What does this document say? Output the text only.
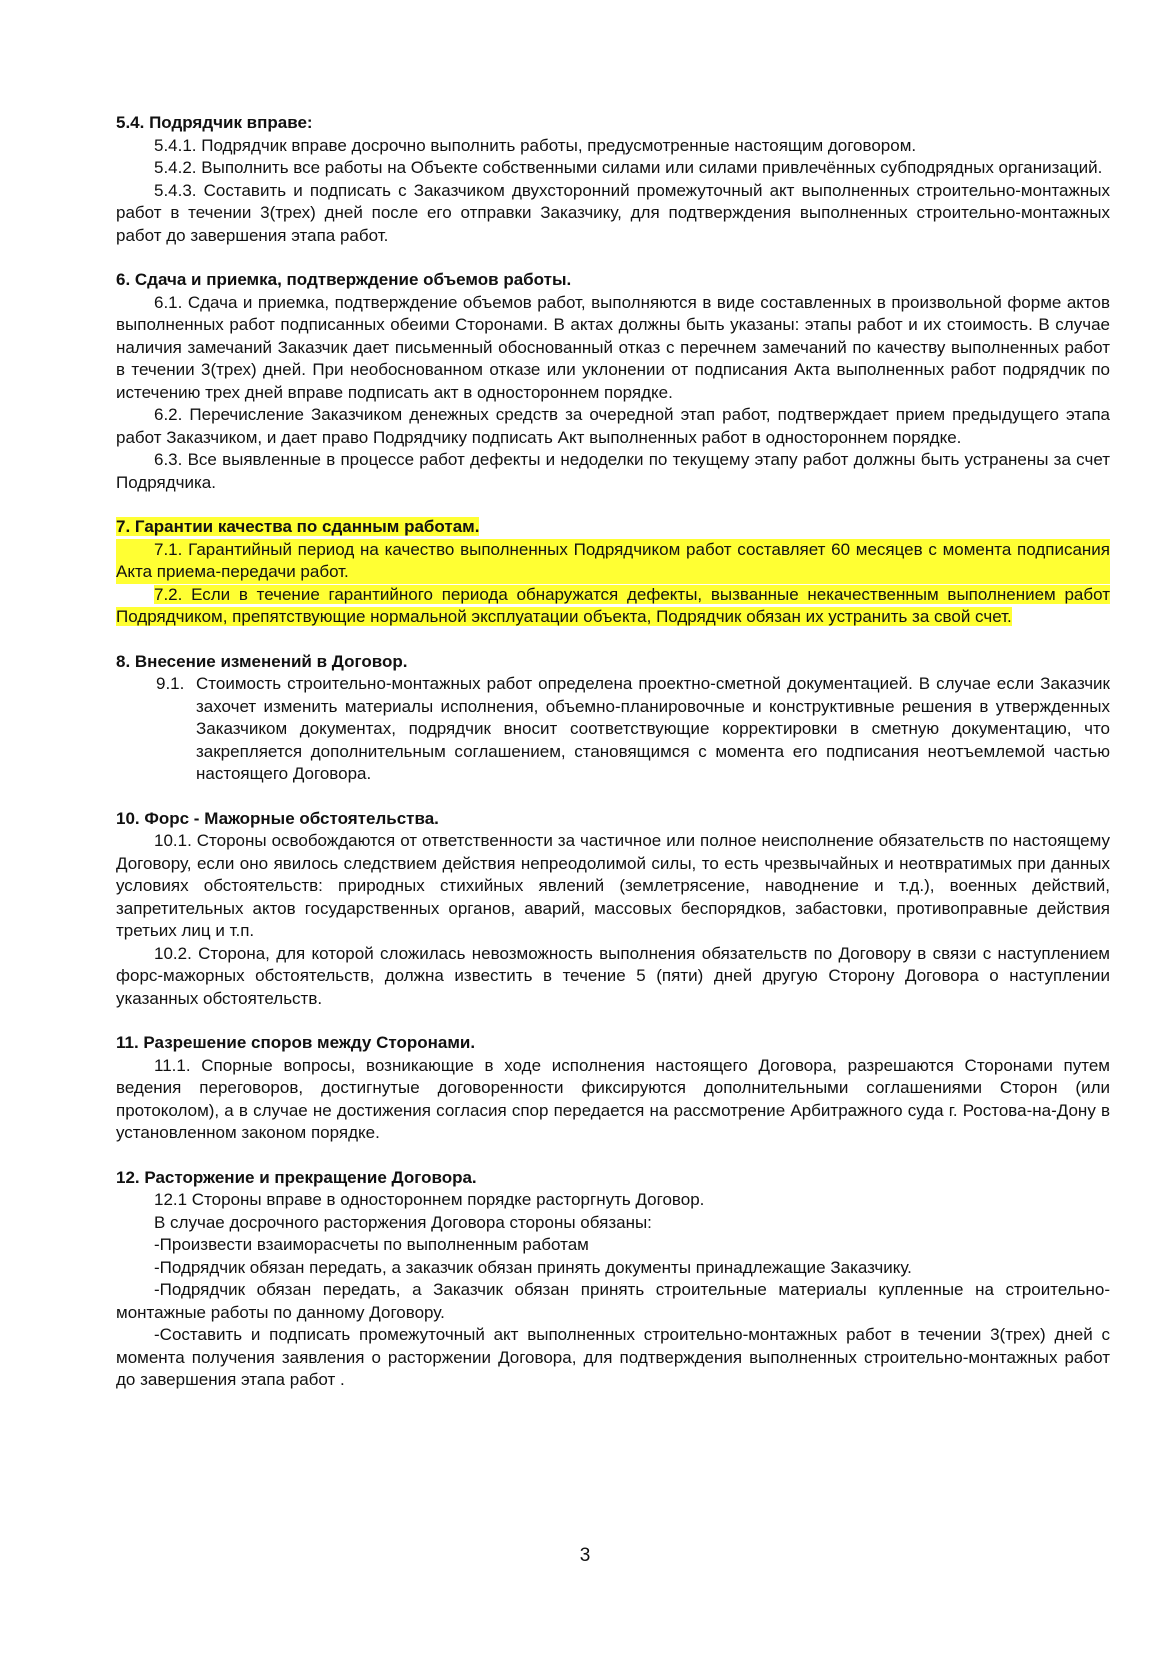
5.4. Подрядчик вправе:

5.4.1. Подрядчик вправе досрочно выполнить работы, предусмотренные настоящим договором.

5.4.2. Выполнить все работы на Объекте собственными силами или силами привлечённых субподрядных организаций.

5.4.3. Составить и подписать с Заказчиком двухсторонний промежуточный акт выполненных строительно-монтажных работ в течении 3(трех) дней после его отправки Заказчику, для подтверждения выполненных строительно-монтажных работ до завершения этапа работ.

6. Сдача и приемка, подтверждение объемов работы.

6.1. Сдача и приемка, подтверждение объемов работ, выполняются в виде составленных в произвольной форме актов выполненных работ подписанных обеими Сторонами. В актах должны быть указаны: этапы работ и их стоимость. В случае наличия замечаний Заказчик дает письменный обоснованный отказ с перечнем замечаний по качеству выполненных работ в течении 3(трех) дней. При необоснованном отказе или уклонении от подписания Акта выполненных работ подрядчик по истечению трех дней вправе подписать акт в одностороннем порядке.

6.2. Перечисление Заказчиком денежных средств за очередной этап работ, подтверждает прием предыдущего этапа работ Заказчиком, и дает право Подрядчику подписать Акт выполненных работ в одностороннем порядке.

6.3. Все выявленные в процессе работ дефекты и недоделки по текущему этапу работ должны быть устранены за счет Подрядчика.

7. Гарантии качества по сданным работам.

7.1. Гарантийный период на качество выполненных Подрядчиком работ составляет 60 месяцев с момента подписания Акта приема-передачи работ.

7.2. Если в течение гарантийного периода обнаружатся дефекты, вызванные некачественным выполнением работ Подрядчиком, препятствующие нормальной эксплуатации объекта, Подрядчик обязан их устранить за свой счет.

8. Внесение изменений в Договор.

9.1. Стоимость строительно-монтажных работ определена проектно-сметной документацией. В случае если Заказчик захочет изменить материалы исполнения, объемно-планировочные и конструктивные решения в утвержденных Заказчиком документах, подрядчик вносит соответствующие корректировки в сметную документацию, что закрепляется дополнительным соглашением, становящимся с момента его подписания неотъемлемой частью настоящего Договора.

10. Форс - Мажорные обстоятельства.

10.1. Стороны освобождаются от ответственности за частичное или полное неисполнение обязательств по настоящему Договору, если оно явилось следствием действия непреодолимой силы, то есть чрезвычайных и неотвратимых при данных условиях обстоятельств: природных стихийных явлений (землетрясение, наводнение и т.д.), военных действий, запретительных актов государственных органов, аварий, массовых беспорядков, забастовки, противоправные действия третьих лиц и т.п.

10.2. Сторона, для которой сложилась невозможность выполнения обязательств по Договору в связи с наступлением форс-мажорных обстоятельств, должна известить в течение 5 (пяти) дней другую Сторону Договора о наступлении указанных обстоятельств.

11. Разрешение споров между Сторонами.

11.1. Спорные вопросы, возникающие в ходе исполнения настоящего Договора, разрешаются Сторонами путем ведения переговоров, достигнутые договоренности фиксируются дополнительными соглашениями Сторон (или протоколом), а в случае не достижения согласия спор передается на рассмотрение Арбитражного суда г. Ростова-на-Дону в установленном законом порядке.

12. Расторжение и прекращение Договора.

12.1 Стороны вправе в одностороннем порядке расторгнуть Договор.

В случае досрочного расторжения Договора стороны обязаны:

-Произвести взаиморасчеты по выполненным работам

-Подрядчик обязан передать, а заказчик обязан принять документы принадлежащие Заказчику.

-Подрядчик обязан передать, а Заказчик обязан принять строительные материалы купленные на строительно-монтажные работы по данному Договору.

-Составить и подписать промежуточный акт выполненных строительно-монтажных работ в течении 3(трех) дней с момента получения заявления о расторжении Договора, для подтверждения выполненных строительно-монтажных работ до завершения этапа работ .

3
